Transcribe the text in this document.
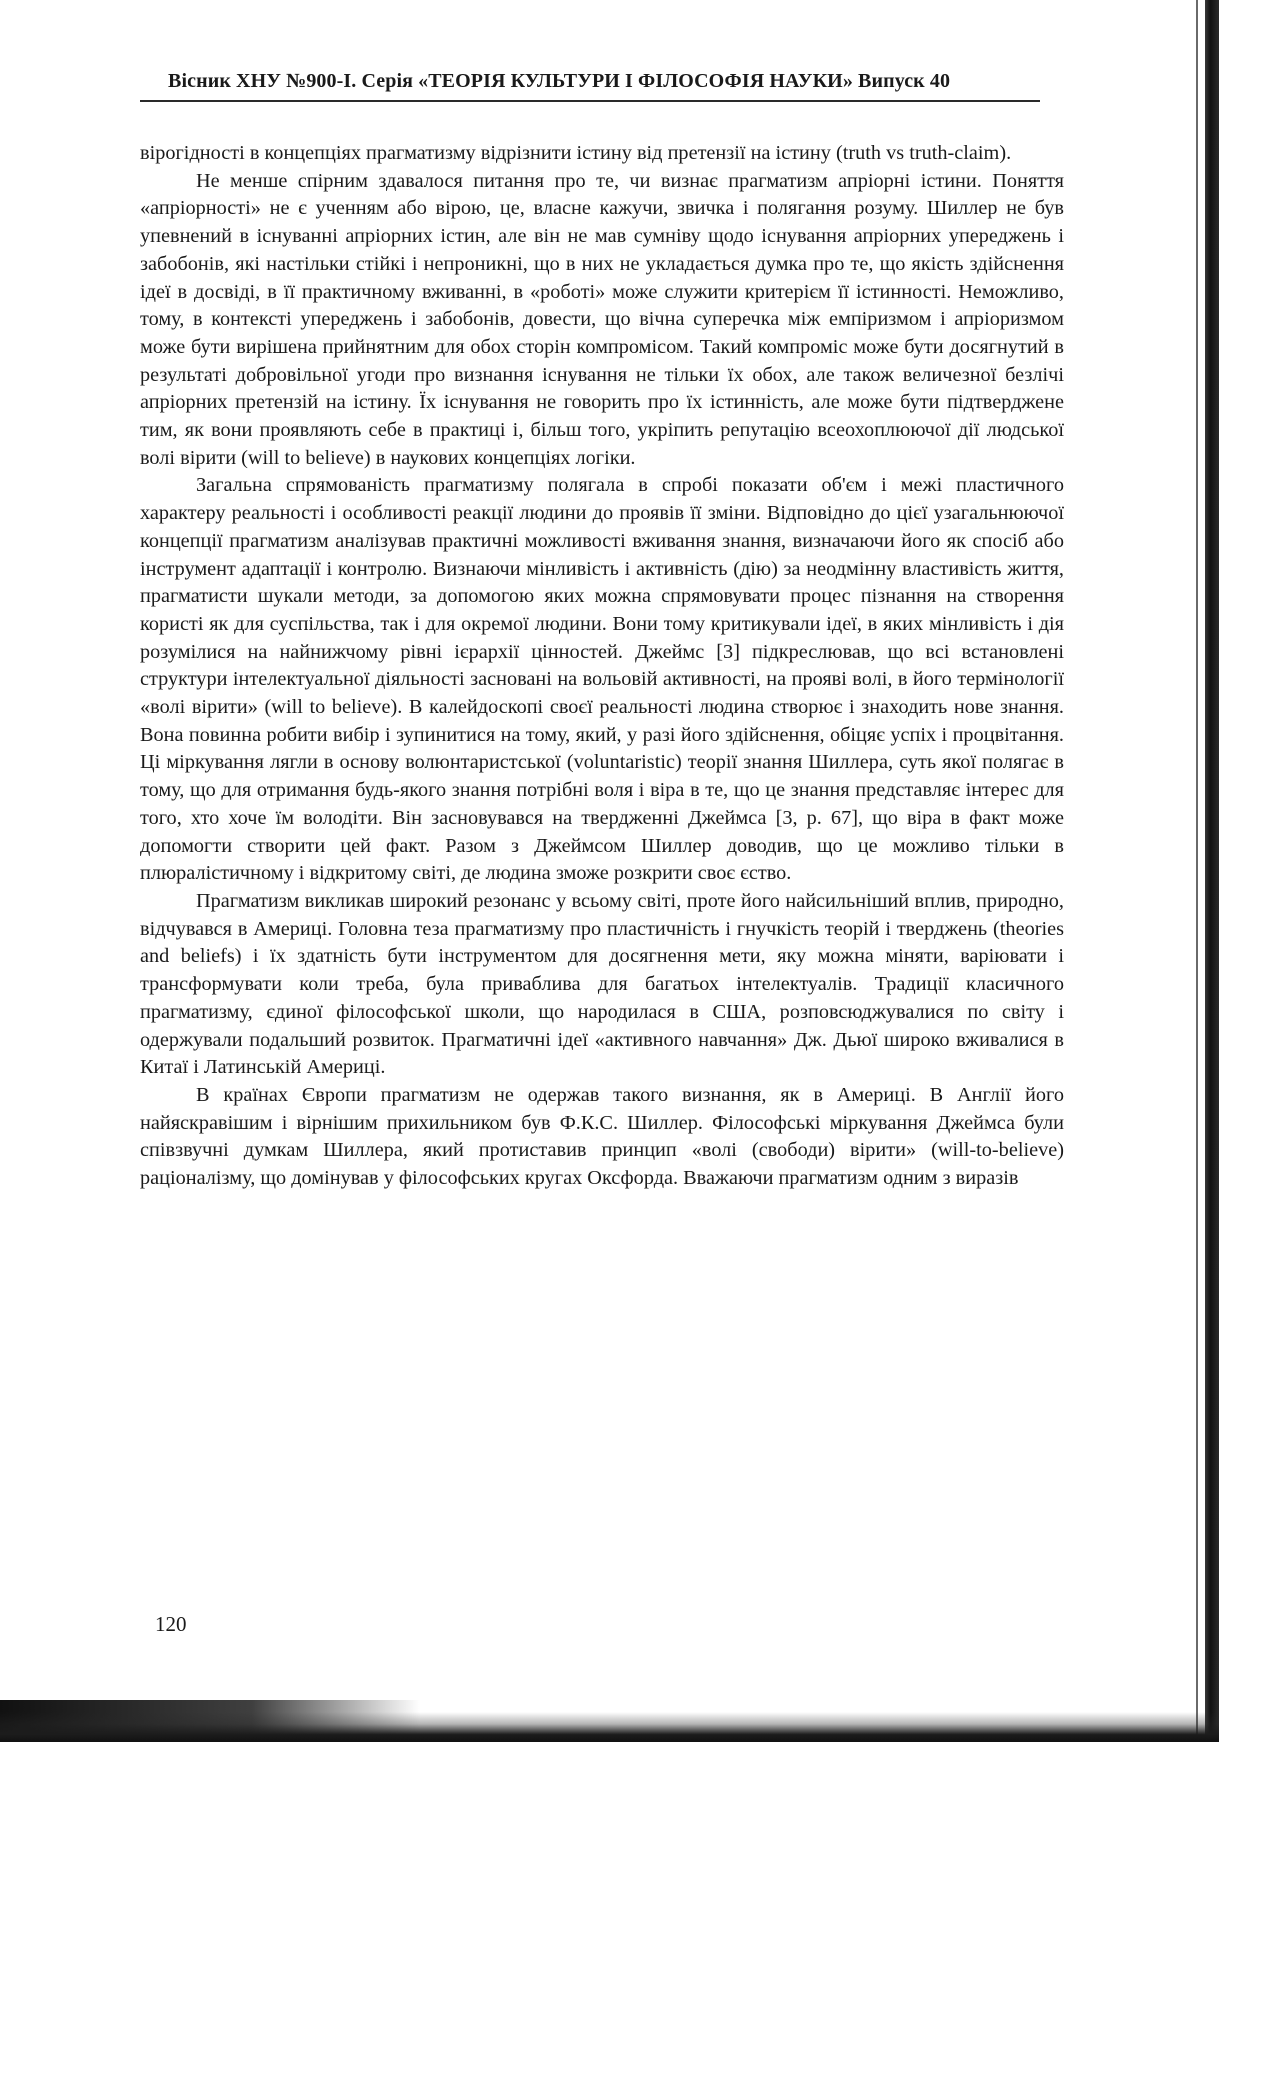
Вісник ХНУ №900-І. Серія «ТЕОРІЯ КУЛЬТУРИ І ФІЛОСОФІЯ НАУКИ» Випуск 40

вірогідності в концепціях прагматизму відрізнити істину від претензії на істину (truth vs truth-claim).

Не менше спірним здавалося питання про те, чи визнає прагматизм апріорні істини. Поняття «апріорності» не є ученням або вірою, це, власне кажучи, звичка і полягання розуму. Шиллер не був упевнений в існуванні апріорних істин, але він не мав сумніву щодо існування апріорних упереджень і забобонів, які настільки стійкі і непроникні, що в них не укладається думка про те, що якість здійснення ідеї в досвіді, в її практичному вживанні, в «роботі» може служити критерієм її істинності. Неможливо, тому, в контексті упереджень і забобонів, довести, що вічна суперечка між емпіризмом і апріоризмом може бути вирішена прийнятним для обох сторін компромісом. Такий компроміс може бути досягнутий в результаті добровільної угоди про визнання існування не тільки їх обох, але також величезної безлічі апріорних претензій на істину. Їх існування не говорить про їх істинність, але може бути підтверджене тим, як вони проявляють себе в практиці і, більш того, укріпить репутацію всеохоплюючої дії людської волі вірити (will to believe) в наукових концепціях логіки.

Загальна спрямованість прагматизму полягала в спробі показати об'єм і межі пластичного характеру реальності і особливості реакції людини до проявів її зміни. Відповідно до цієї узагальнюючої концепції прагматизм аналізував практичні можливості вживання знання, визначаючи його як спосіб або інструмент адаптації і контролю. Визнаючи мінливість і активність (дію) за неодмінну властивість життя, прагматисти шукали методи, за допомогою яких можна спрямовувати процес пізнання на створення користі як для суспільства, так і для окремої людини. Вони тому критикували ідеї, в яких мінливість і дія розумілися на найнижчому рівні ієрархії цінностей. Джеймс [3] підкреслював, що всі встановлені структури інтелектуальної діяльності засновані на вольовій активності, на прояві волі, в його термінології «волі вірити» (will to believe). В калейдоскопі своєї реальності людина створює і знаходить нове знання. Вона повинна робити вибір і зупинитися на тому, який, у разі його здійснення, обіцяє успіх і процвітання. Ці міркування лягли в основу волюнтаристської (voluntaristic) теорії знання Шиллера, суть якої полягає в тому, що для отримання будь-якого знання потрібні воля і віра в те, що це знання представляє інтерес для того, хто хоче їм володіти. Він засновувався на твердженні Джеймса [3, p. 67], що віра в факт може допомогти створити цей факт. Разом з Джеймсом Шиллер доводив, що це можливо тільки в плюралістичному і відкритому світі, де людина зможе розкрити своє єство.

Прагматизм викликав широкий резонанс у всьому світі, проте його найсильніший вплив, природно, відчувався в Америці. Головна теза прагматизму про пластичність і гнучкість теорій і тверджень (theories and beliefs) і їх здатність бути інструментом для досягнення мети, яку можна міняти, варіювати і трансформувати коли треба, була приваблива для багатьох інтелектуалів. Традиції класичного прагматизму, єдиної філософської школи, що народилася в США, розповсюджувалися по світу і одержували подальший розвиток. Прагматичні ідеї «активного навчання» Дж. Дьюї широко вживалися в Китаї і Латинській Америці.

В країнах Європи прагматизм не одержав такого визнання, як в Америці. В Англії його найяскравішим і вірнішим прихильником був Ф.К.С. Шиллер. Філософські міркування Джеймса були співзвучні думкам Шиллера, який протиставив принцип «волі (свободи) вірити» (will-to-believe) раціоналізму, що домінував у філософських кругах Оксфорда. Вважаючи прагматизм одним з виразів

120
